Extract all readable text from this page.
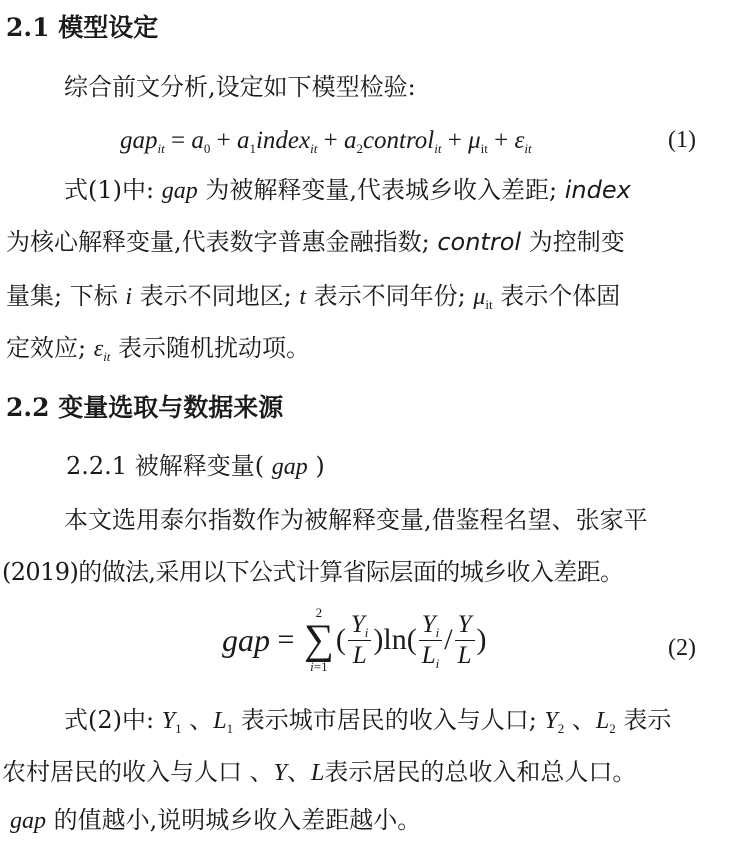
2.1 模型设定
综合前文分析,设定如下模型检验:
$gap_{it} = a_0$ + $a_1index_{it}$ + $a_2control_{it} + \mu_{it} + \varepsilon_{it}$	(1)
式(1)中: gap 为被解释变量,代表城乡收入差距; index
为核心解释变量,代表数字普惠金融指数; control 为控制变
量集; 下标 i 表示不同地区; t 表示不同年份; $\mu_{it}$ 表示个体固
定效应; $\varepsilon_{it}$ 表示随机扰动项。
2.2 变量选取与数据来源
2.2.1 被解释变量( gap )
本文选用泰尔指数作为被解释变量,借鉴程名望、张家平
(2019)的做法,采用以下公式计算省际层面的城乡收入差距。
gap =
2
∑
i=1
( $\frac{Y_i}{L} )\ln( \frac{Y_i}{L_i} / \frac{Y}{L}$ )	(2)
式(2)中: $Y_1$ 、$L_1$ 表示城市居民的收入与人口; $Y_2$ 、$L_2$ 表示
农村居民的收入与人口 、Y、L表示居民的总收入和总人口。
gap 的值越小,说明城乡收入差距越小。
